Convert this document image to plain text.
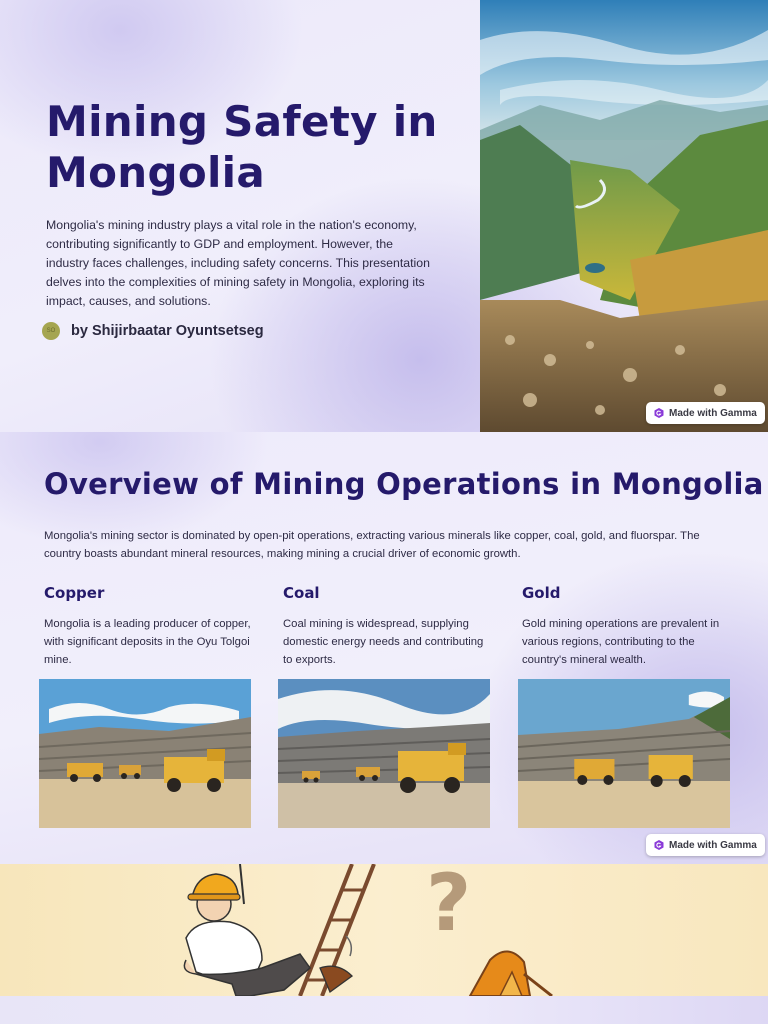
Mining Safety in Mongolia

Mongolia's mining industry plays a vital role in the nation's economy, contributing significantly to GDP and employment. However, the industry faces challenges, including safety concerns. This presentation delves into the complexities of mining safety in Mongolia, exploring its impact, causes, and solutions.

SO	by Shijirbaatar Oyuntsetseg
Made with Gamma
Overview of Mining Operations in Mongolia

Mongolia's mining sector is dominated by open-pit operations, extracting various minerals like copper, coal, gold, and fluorspar. The country boasts abundant mineral resources, making mining a crucial driver of economic growth.

Copper

Mongolia is a leading producer of copper, with significant deposits in the Oyu Tolgoi mine.

Coal

Coal mining is widespread, supplying domestic energy needs and contributing to exports.

Gold

Gold mining operations are prevalent in various regions, contributing to the country's mineral wealth.

Made with Gamma
?
